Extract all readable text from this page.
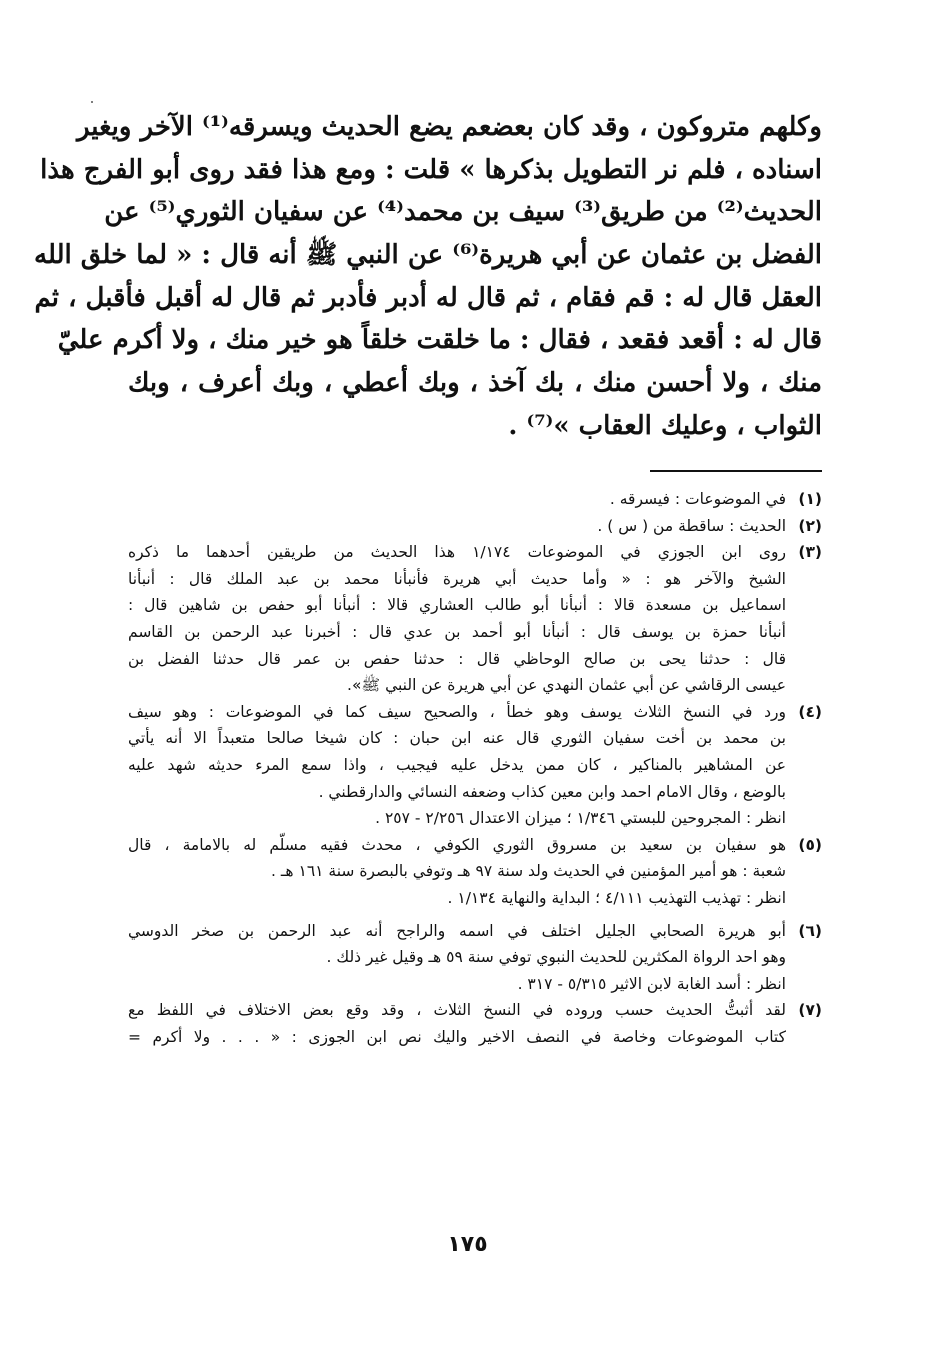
وكلهم متروكون ، وقد كان بعضعم يضع الحديث ويسرقه⁽¹⁾ الآخر ويغير
اسناده ، فلم نر التطويل بذكرها » قلت : ومع هذا فقد روى أبو الفرج هذا
الحديث⁽²⁾ من طريق⁽³⁾ سيف بن محمد⁽⁴⁾ عن سفيان الثوري⁽⁵⁾ عن
الفضل بن عثمان عن أبي هريرة⁽⁶⁾ عن النبي ﷺ أنه قال : « لما خلق الله
العقل قال له : قم فقام ، ثم قال له أدبر فأدبر ثم قال له أقبل فأقبل ، ثم
قال له : أقعد فقعد ، فقال : ما خلقت خلقاً هو خير منك ، ولا أكرم عليّ
منك ، ولا أحسن منك ، بك آخذ ، وبك أعطي ، وبك أعرف ، وبك
الثواب ، وعليك العقاب »⁽⁷⁾ .
(١)
في الموضوعات : فيسرقه .
(٢)
الحديث : ساقطة من ( س ) .
(٣)
روى ابن الجوزي في الموضوعات ١/١٧٤ هذا الحديث من طريقين أحدهما ما ذكره
الشيخ والآخر هو : « وأما حديث أبي هريرة فأنبأنا محمد بن عبد الملك قال : أنبأنا
اسماعيل بن مسعدة قالا : أنبأنا أبو طالب العشاري قالا : أنبأنا أبو حفص بن شاهين قال :
أنبأنا حمزة بن يوسف قال : أنبأنا أبو أحمد بن عدي قال : أخبرنا عبد الرحمن بن القاسم
قال : حدثنا يحى بن صالح الوحاظي قال : حدثنا حفص بن عمر قال حدثنا الفضل بن
عيسى الرقاشي عن أبي عثمان النهدي عن أبي هريرة عن النبي ﷺ».
(٤)
ورد في النسخ الثلاث يوسف وهو خطأ ، والصحيح سيف كما في الموضوعات : وهو سيف
بن محمد بن أخت سفيان الثوري قال عنه ابن حبان : كان شيخا صالحا متعبداً الا أنه يأتي
عن المشاهير بالمناكير ، كان ممن يدخل عليه فيجيب ، واذا سمع المرء حديثه شهد عليه
بالوضع ، وقال الامام احمد وابن معين كذاب وضعفه النسائي والدارقطني .
انظر : المجروحين للبستي ١/٣٤٦ ؛ ميزان الاعتدال ٢/٢٥٦ - ٢٥٧ .
(٥)
هو سفيان بن سعيد بن مسروق الثوري الكوفي ، محدث فقيه مسلّم له بالامامة ، قال
شعبة : هو أمير المؤمنين في الحديث ولد سنة ٩٧ هـ وتوفي بالبصرة سنة ١٦١ هـ .
انظر : تهذيب التهذيب ٤/١١١ ؛ البداية والنهاية ١/١٣٤ .
(٦)
أبو هريرة الصحابي الجليل اختلف في اسمه والراجح أنه عبد الرحمن بن صخر الدوسي
وهو احد الرواة المكثرين للحديث النبوي توفي سنة ٥٩ هـ وقيل غير ذلك .
انظر : أسد الغابة لابن الاثير ٥/٣١٥ - ٣١٧ .
(٧)
لقد أثبتُّ الحديث حسب وروده في النسخ الثلاث ، وقد وقع بعض الاختلاف في اللفظ مع
كتاب الموضوعات وخاصة في النصف الاخير واليك نص ابن الجوزى : « . . . ولا أكرم =
١٧٥
